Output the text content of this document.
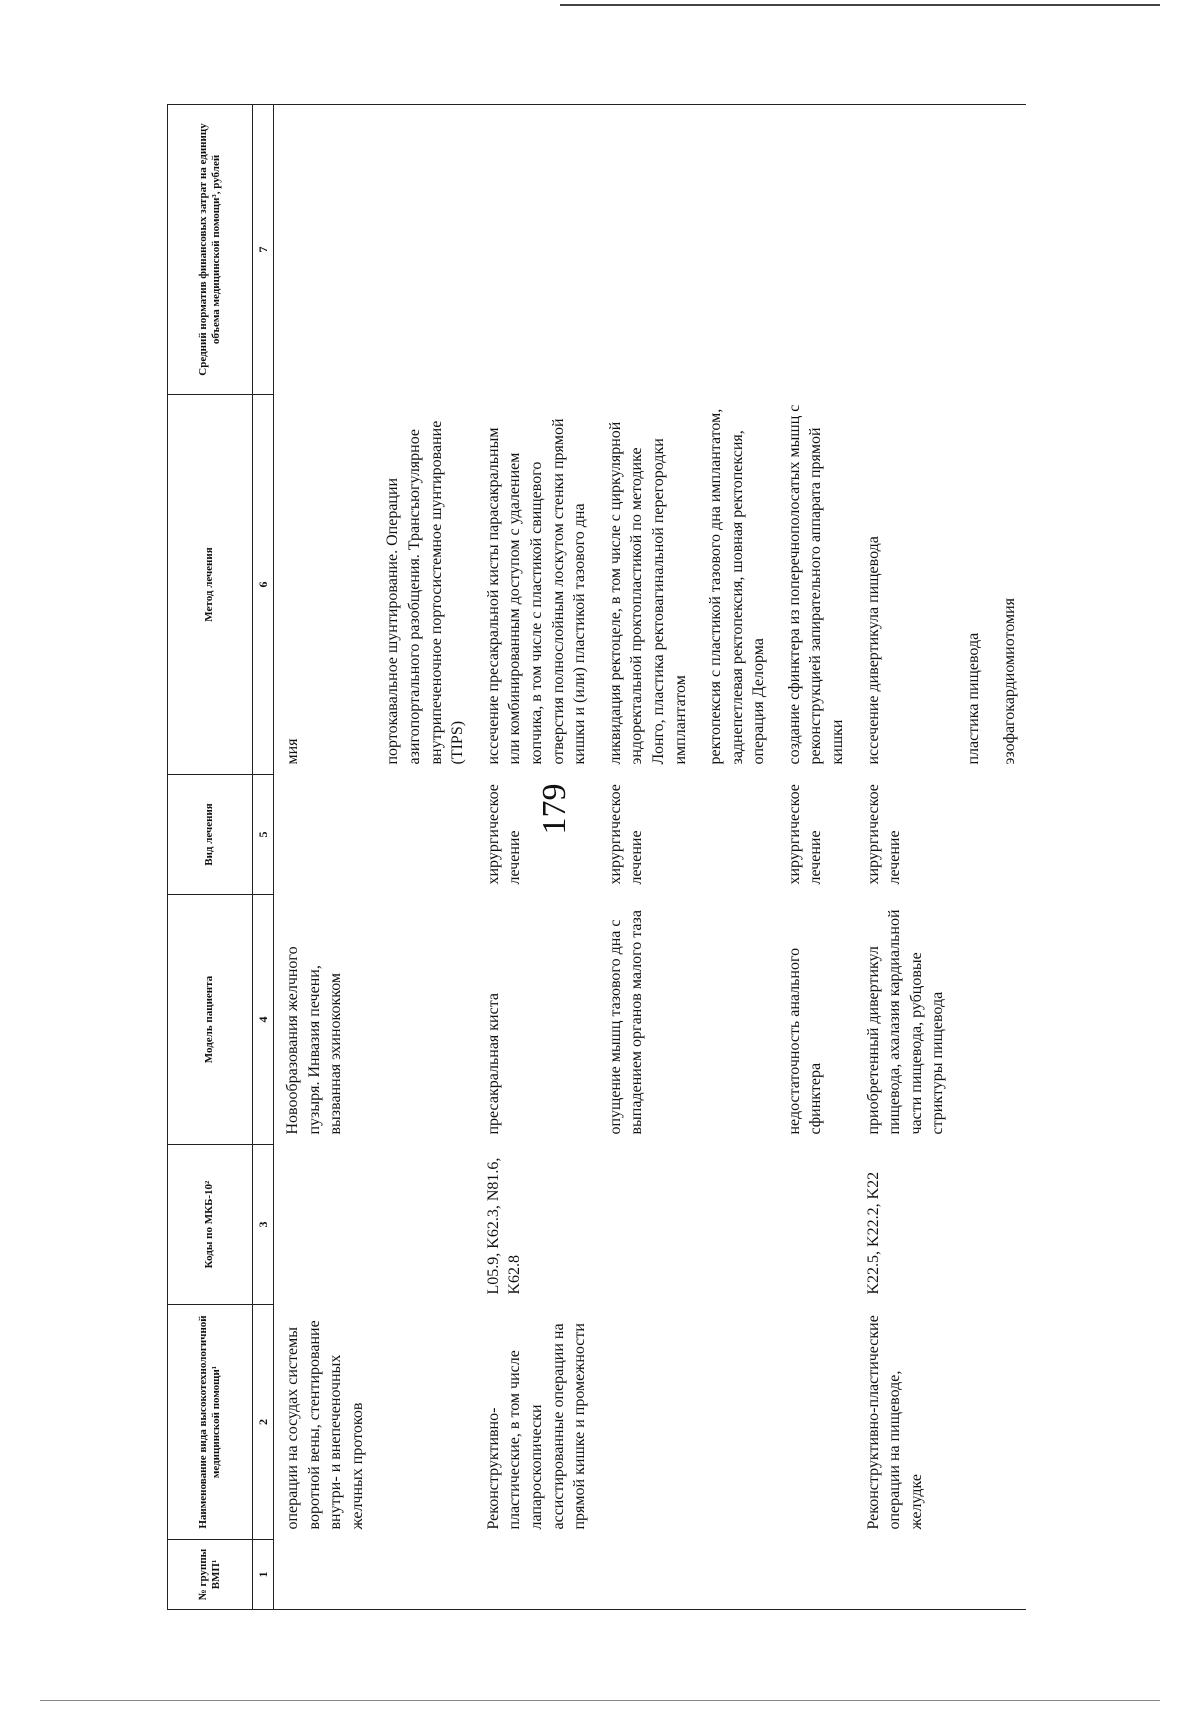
179
№ группы ВМП¹	Наименование вида высокотехнологичной медицинской помощи¹	Коды по МКБ-10²	Модель пациента	Вид лечения	Метод лечения	Средний норматив финансовых затрат на единицу объема медицинской помощи³, рублей
1	2	3	4	5	6	7
	операции на сосудах системы воротной вены, стентирование внутри- и внепеченочных желчных протоков		Новообразования желчного пузыря. Инвазия печени, вызванная эхинококком		мия	
					портокавальное шунтирование. Операции азигопортального разобщения. Трансъюгулярное внутрипеченочное портосистемное шунтирование (TIPS)	
	Реконструктивно-пластические, в том числе лапароскопически ассистированные операции на прямой кишке и промежности	L05.9, K62.3, N81.6, K62.8	пресакральная киста	хирургическое лечение	иссечение пресакральной кисты парасакральным или комбинированным доступом с удалением копчика, в том числе с пластикой свищевого отверстия полнослойным лоскутом стенки прямой кишки и (или) пластикой тазового дна	
			опущение мышц тазового дна с выпадением органов малого таза	хирургическое лечение	ликвидация ректоцеле, в том числе с циркулярной эндоректальной проктопластикой по методике Лонго, пластика ректовагинальной перегородки имплантатом	
					ректопексия с пластикой тазового дна имплантатом, заднепетлевая ректопексия, шовная ректопексия, операция Делорма	
			недостаточность анального сфинктера	хирургическое лечение	создание сфинктера из поперечнополосатых мышц с реконструкцией запирательного аппарата прямой кишки	
	Реконструктивно-пластические операции на пищеводе, желудке	K22.5, K22.2, K22	приобретенный дивертикул пищевода, ахалазия кардиальной части пищевода, рубцовые стриктуры пищевода	хирургическое лечение	иссечение дивертикула пищевода	
					пластика пищевода	
					эзофагокардиомиотомия	
